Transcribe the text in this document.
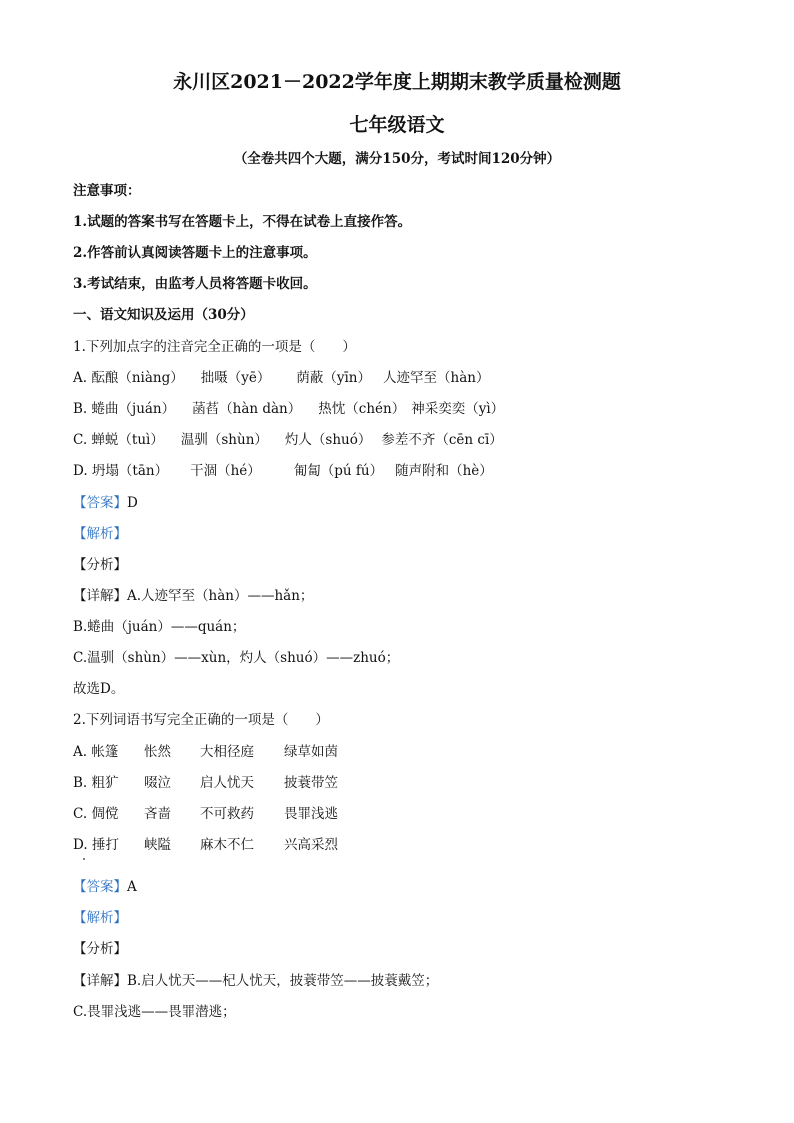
永川区2021－2022学年度上期期末教学质量检测题
七年级语文
（全卷共四个大题，满分150分，考试时间120分钟）
注意事项：
1.试题的答案书写在答题卡上，不得在试卷上直接作答。
2.作答前认真阅读答题卡上的注意事项。
3.考试结束，由监考人员将答题卡收回。
一、语文知识及运用（30分）
1.下列加点字的注音完全正确的一项是（　　）
A. 酝酿（niàng） 拙嗫（yē） 荫蔽（yīn） 人迹罕至（hàn）
B. 蜷曲（juán） 菡萏（hàn dàn） 热忱（chén） 神采奕奕（yì）
C. 蝉蜕（tuì） 温驯（shùn） 灼人（shuó） 参差不齐（cēn cī）
D. 坍塌（tān） 干涸（hé） 匍匐（pú fú） 随声附和（hè）
【答案】D
【解析】
【分析】
【详解】A.人迹罕至（hàn）——hǎn；
B.蜷曲（juán）——quán；
C.温驯（shùn）——xùn，灼人（shuó）——zhuó；
故选D。
2.下列词语书写完全正确的一项是（　　）
A. 帐篷 怅然 大相径庭 绿草如茵
B. 粗犷 啜泣 启人忧天 披蓑带笠
C. 倜傥 吝啬 不可救药 畏罪浅逃
D. 捶打 峡隘 麻木不仁 兴高采烈
【答案】A
【解析】
【分析】
【详解】B.启人忧天——杞人忧天，披蓑带笠——披蓑戴笠；
C.畏罪浅逃——畏罪潜逃；
